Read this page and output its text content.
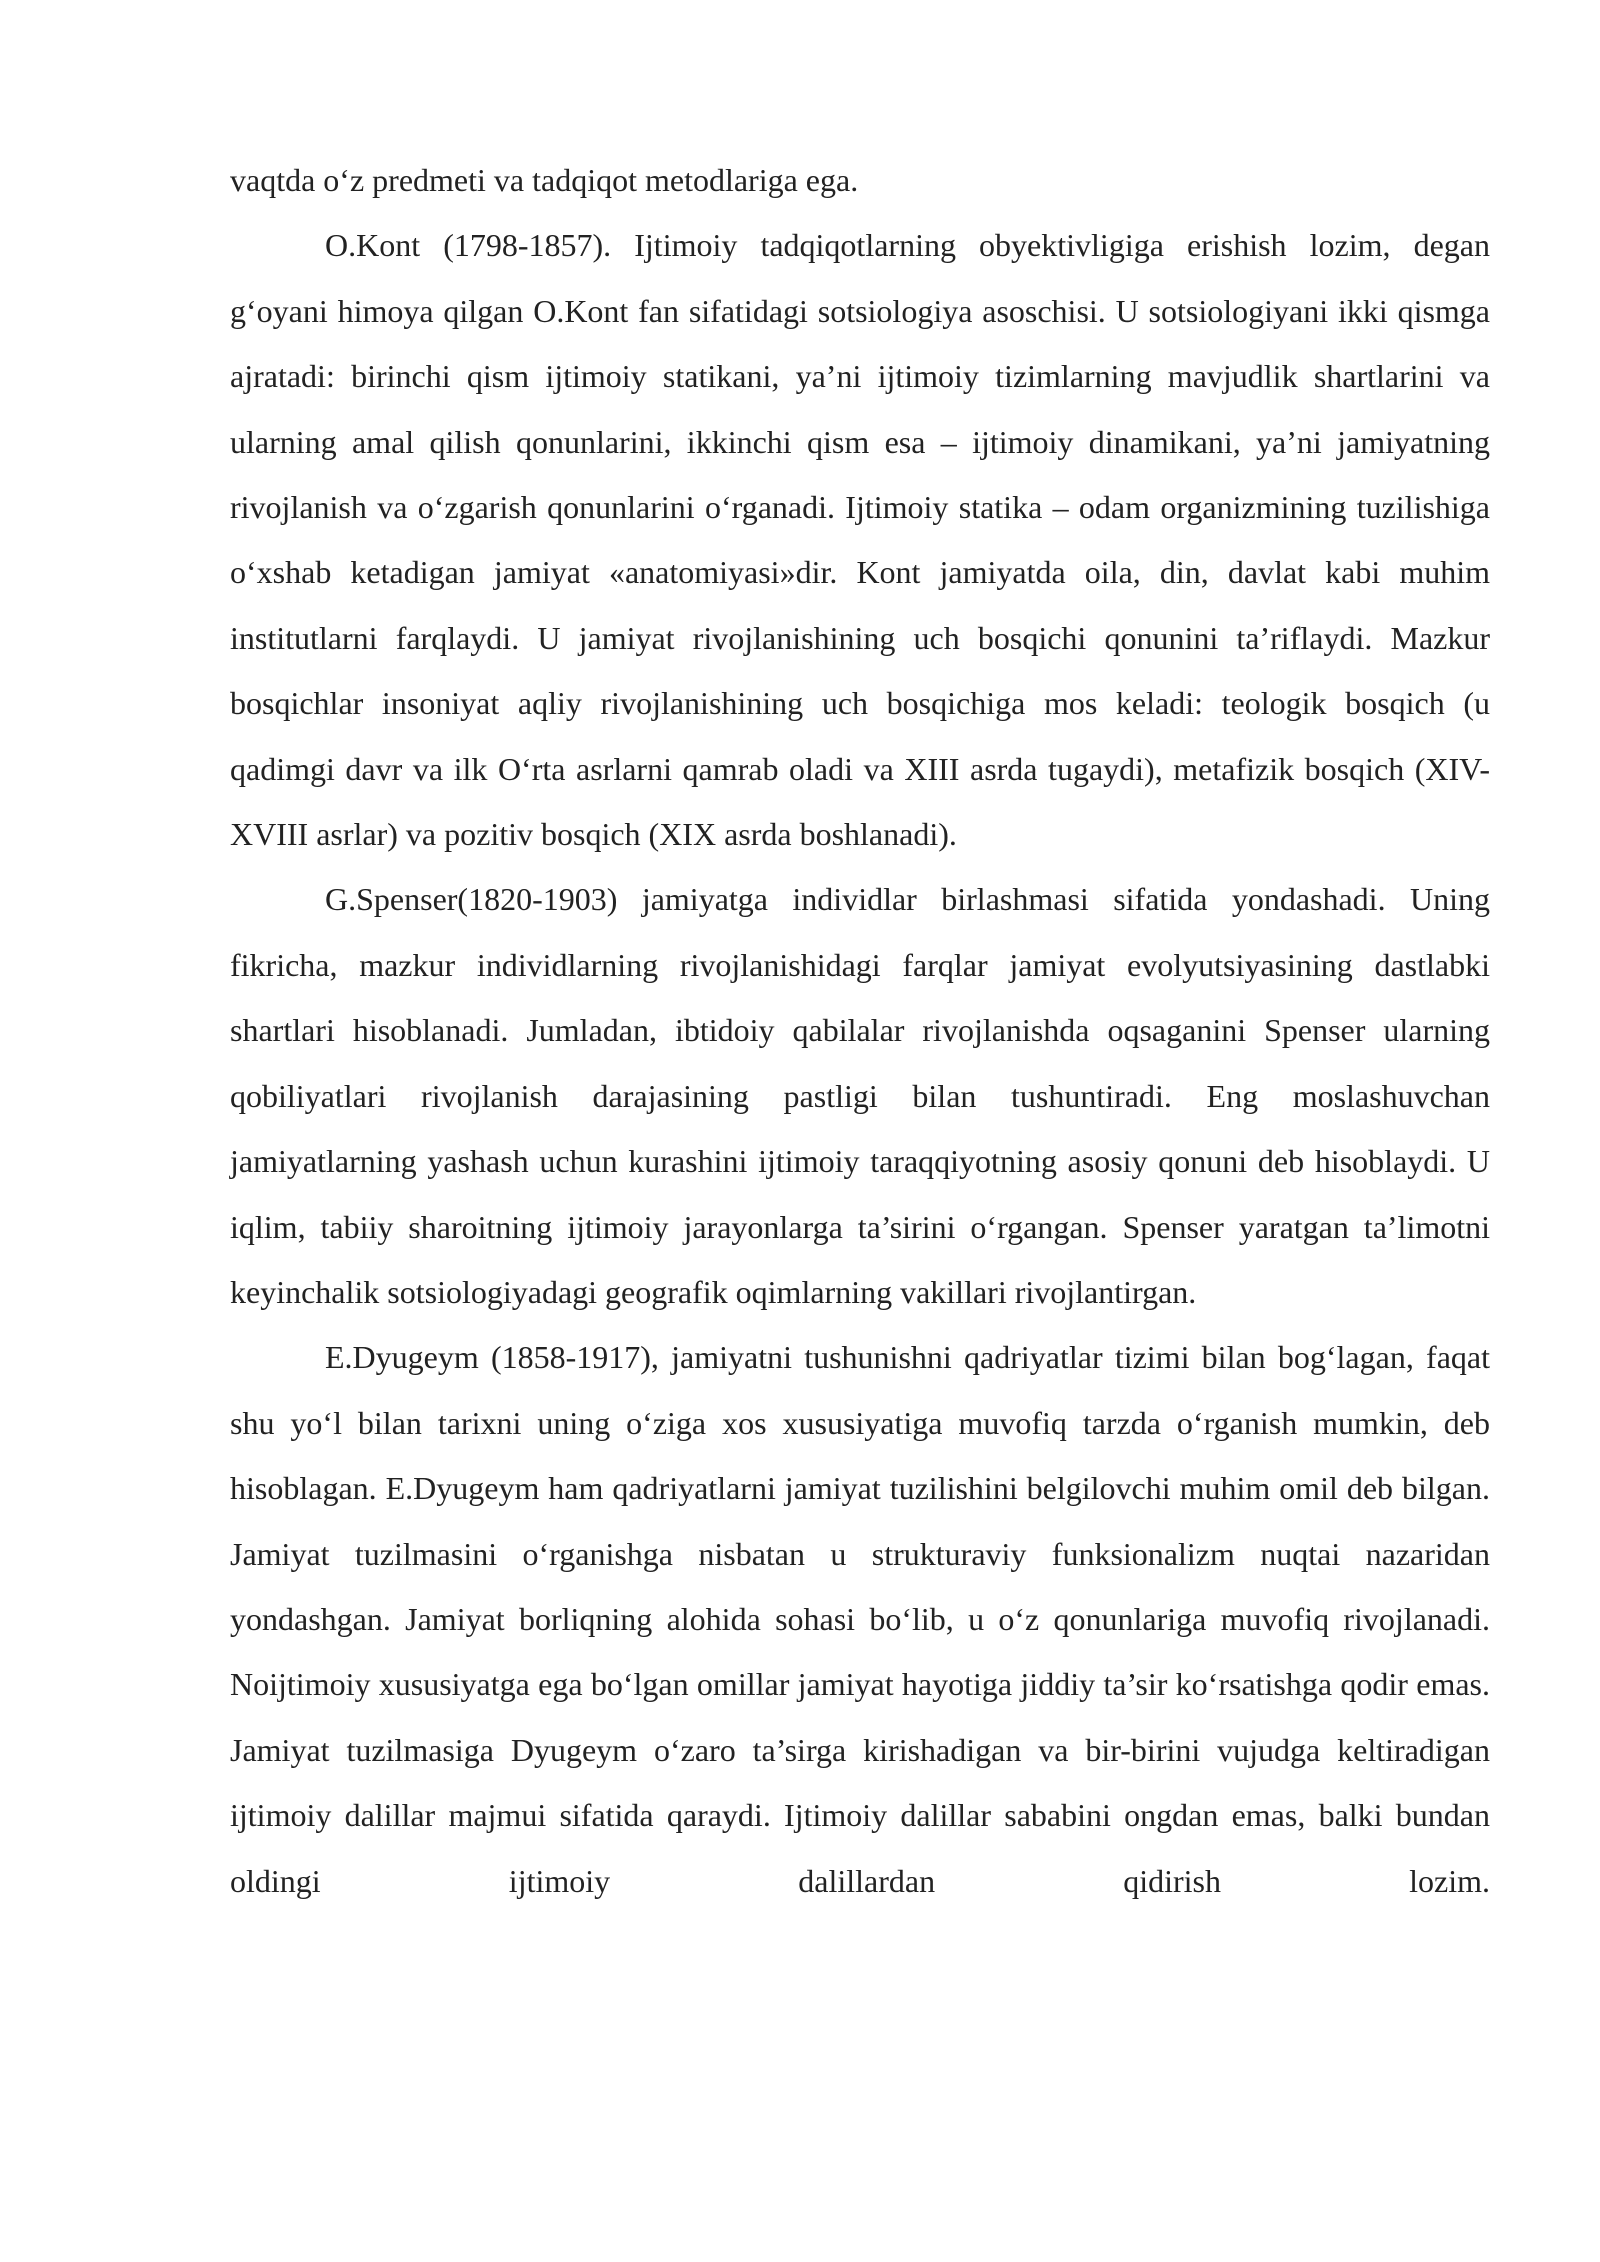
vaqtda o‘z predmeti va tadqiqot metodlariga ega.

O.Kont (1798-1857). Ijtimoiy tadqiqotlarning obyektivligiga erishish lozim, degan g‘oyani himoya qilgan O.Kont fan sifatidagi sotsiologiya asoschisi. U sotsiologiyani ikki qismga ajratadi: birinchi qism ijtimoiy statikani, ya’ni ijtimoiy tizimlarning mavjudlik shartlarini va ularning amal qilish qonunlarini, ikkinchi qism esa – ijtimoiy dinamikani, ya’ni jamiyatning rivojlanish va o‘zgarish qonunlarini o‘rganadi. Ijtimoiy statika – odam organizmining tuzilishiga o‘xshab ketadigan jamiyat «anatomiyasi»dir. Kont jamiyatda oila, din, davlat kabi muhim institutlarni farqlaydi. U jamiyat rivojlanishining uch bosqichi qonunini ta’riflaydi. Mazkur bosqichlar insoniyat aqliy rivojlanishining uch bosqichiga mos keladi: teologik bosqich (u qadimgi davr va ilk O‘rta asrlarni qamrab oladi va XIII asrda tugaydi), metafizik bosqich (XIV-XVIII asrlar) va pozitiv bosqich (XIX asrda boshlanadi).

G.Spenser(1820-1903) jamiyatga individlar birlashmasi sifatida yondashadi. Uning fikricha, mazkur individlarning rivojlanishidagi farqlar jamiyat evolyutsiyasining dastlabki shartlari hisoblanadi. Jumladan, ibtidoiy qabilalar rivojlanishda oqsaganini Spenser ularning qobiliyatlari rivojlanish darajasining pastligi bilan tushuntiradi. Eng moslashuvchan jamiyatlarning yashash uchun kurashini ijtimoiy taraqqiyotning asosiy qonuni deb hisoblaydi. U iqlim, tabiiy sharoitning ijtimoiy jarayonlarga ta’sirini o‘rgangan. Spenser yaratgan ta’limotni keyinchalik sotsiologiyadagi geografik oqimlarning vakillari rivojlantirgan.

E.Dyugeym (1858-1917), jamiyatni tushunishni qadriyatlar tizimi bilan bog‘lagan, faqat shu yo‘l bilan tarixni uning o‘ziga xos xususiyatiga muvofiq tarzda o‘rganish mumkin, deb hisoblagan. E.Dyugeym ham qadriyatlarni jamiyat tuzilishini belgilovchi muhim omil deb bilgan. Jamiyat tuzilmasini o‘rganishga nisbatan u strukturaviy funksionalizm nuqtai nazaridan yondashgan. Jamiyat borliqning alohida sohasi bo‘lib, u o‘z qonunlariga muvofiq rivojlanadi. Noijtimoiy xususiyatga ega bo‘lgan omillar jamiyat hayotiga jiddiy ta’sir ko‘rsatishga qodir emas. Jamiyat tuzilmasiga Dyugeym o‘zaro ta’sirga kirishadigan va bir-birini vujudga keltiradigan ijtimoiy dalillar majmui sifatida qaraydi. Ijtimoiy dalillar sababini ongdan emas, balki bundan oldingi ijtimoiy dalillardan qidirish lozim.
